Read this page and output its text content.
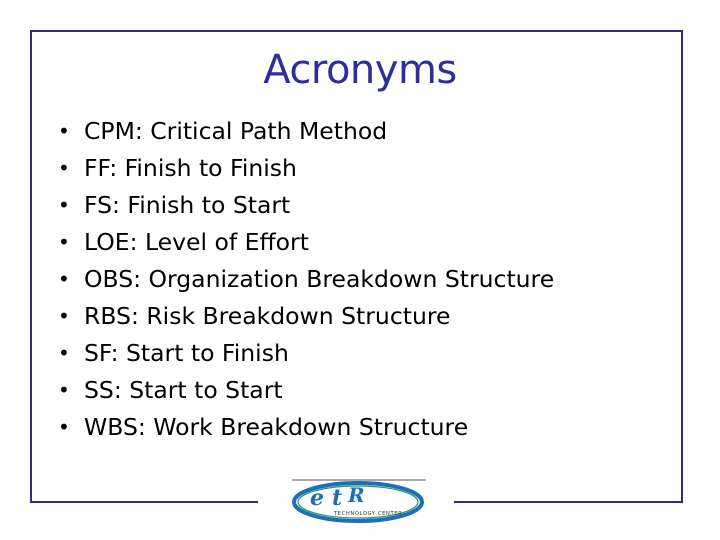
Acronyms
• CPM: Critical Path Method
• FF: Finish to Finish
• FS: Finish to Start
• LOE: Level of Effort
• OBS: Organization Breakdown Structure
• RBS: Risk Breakdown Structure
• SF: Start to Finish
• SS: Start to Start
• WBS: Work Breakdown Structure
e t R
TECHNOLOGY CENTER
